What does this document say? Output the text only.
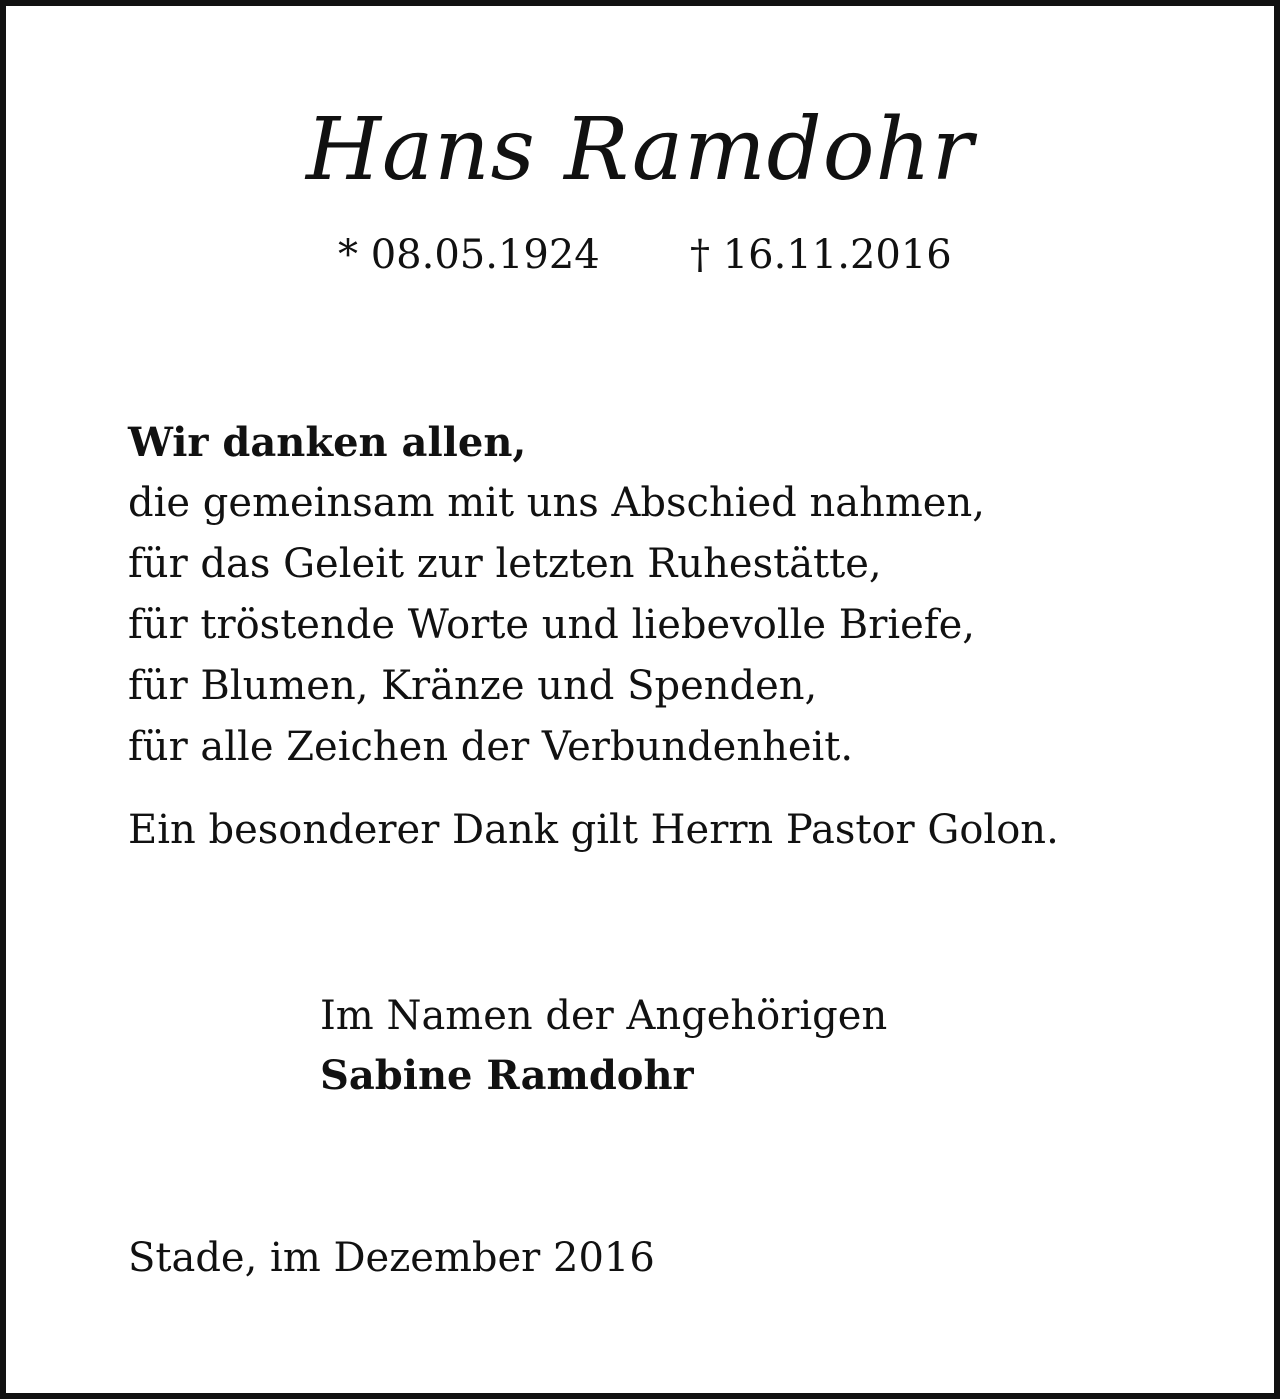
Hans Ramdohr
* 08.05.1924 † 16.11.2016
Wir danken allen,
die gemeinsam mit uns Abschied nahmen,
für das Geleit zur letzten Ruhestätte,
für tröstende Worte und liebevolle Briefe,
für Blumen, Kränze und Spenden,
für alle Zeichen der Verbundenheit.
Ein besonderer Dank gilt Herrn Pastor Golon.
Im Namen der Angehörigen
Sabine Ramdohr
Stade, im Dezember 2016
